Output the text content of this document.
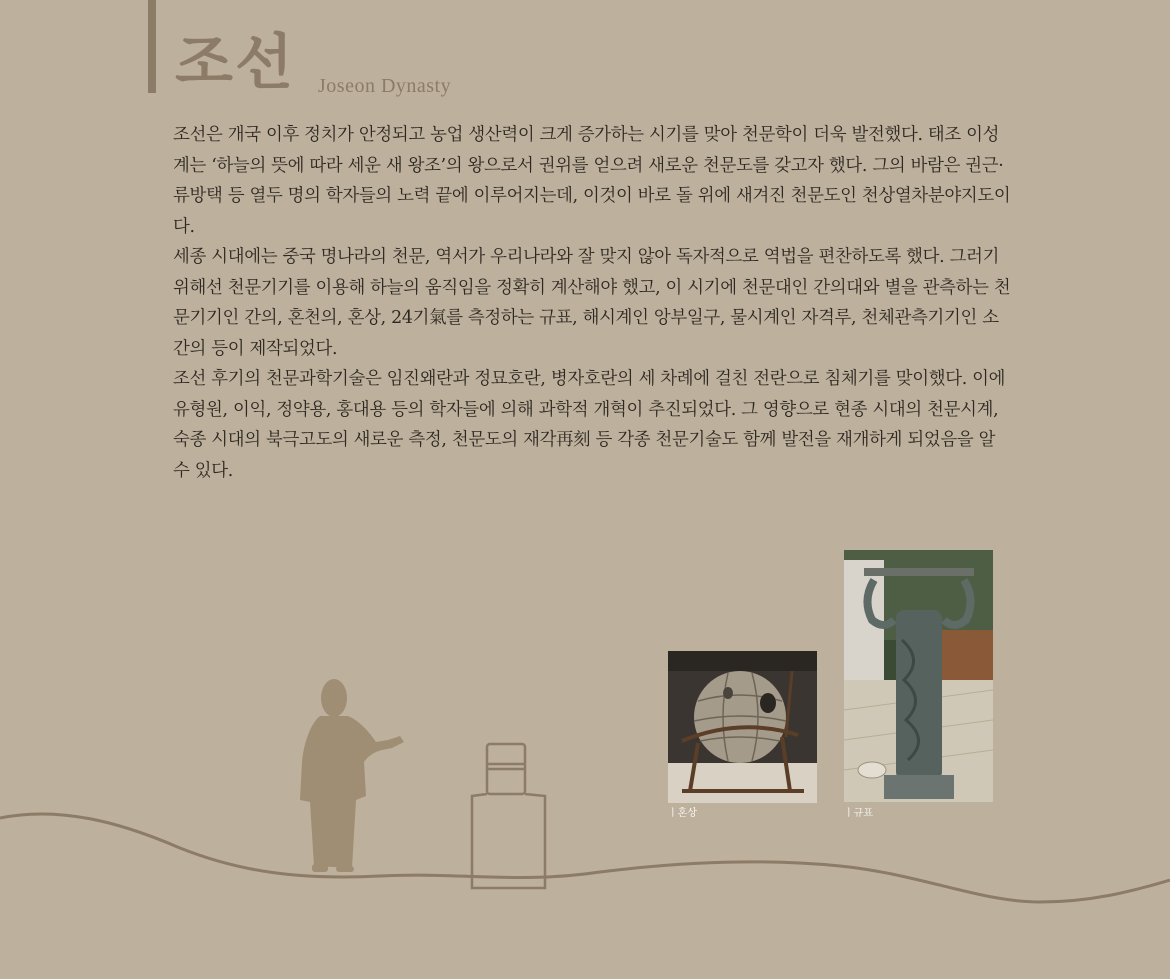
조선 Joseon Dynasty

조선은 개국 이후 정치가 안정되고 농업 생산력이 크게 증가하는 시기를 맞아 천문학이 더욱 발전했다. 태조 이성계는 ‘하늘의 뜻에 따라 세운 새 왕조’의 왕으로서 권위를 얻으려 새로운 천문도를 갖고자 했다. 그의 바람은 권근·류방택 등 열두 명의 학자들의 노력 끝에 이루어지는데, 이것이 바로 돌 위에 새겨진 천문도인 천상열차분야지도이다.

세종 시대에는 중국 명나라의 천문, 역서가 우리나라와 잘 맞지 않아 독자적으로 역법을 편찬하도록 했다. 그러기 위해선 천문기기를 이용해 하늘의 움직임을 정확히 계산해야 했고, 이 시기에 천문대인 간의대와 별을 관측하는 천문기기인 간의, 혼천의, 혼상, 24기氣를 측정하는 규표, 해시계인 앙부일구, 물시계인 자격루, 천체관측기기인 소간의 등이 제작되었다.

조선 후기의 천문과학기술은 임진왜란과 정묘호란, 병자호란의 세 차례에 걸친 전란으로 침체기를 맞이했다. 이에 유형원, 이익, 정약용, 홍대용 등의 학자들에 의해 과학적 개혁이 추진되었다. 그 영향으로 현종 시대의 천문시계, 숙종 시대의 북극고도의 새로운 측정, 천문도의 재각再刻 등 각종 천문기술도 함께 발전을 재개하게 되었음을 알 수 있다.

ㅣ혼상	ㅣ규표
